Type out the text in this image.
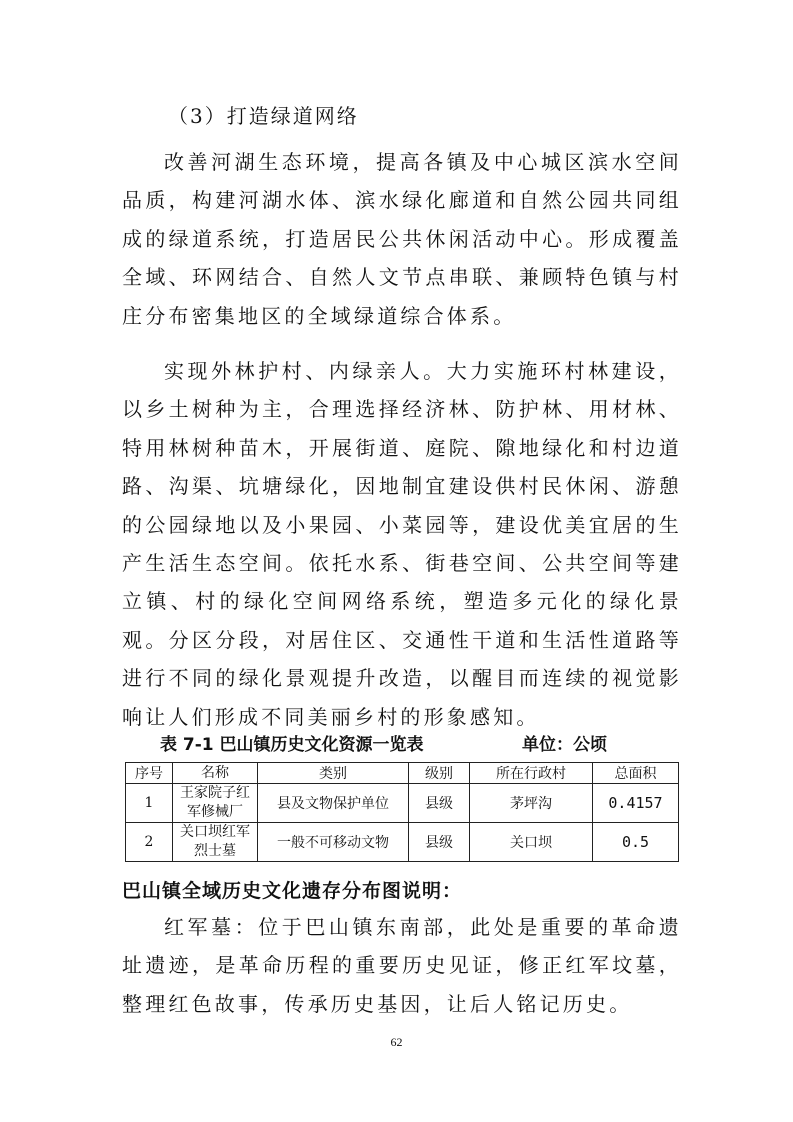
（3）打造绿道网络

改善河湖生态环境，提高各镇及中心城区滨水空间品质，构建河湖水体、滨水绿化廊道和自然公园共同组成的绿道系统，打造居民公共休闲活动中心。形成覆盖全域、环网结合、自然人文节点串联、兼顾特色镇与村庄分布密集地区的全域绿道综合体系。

实现外林护村、内绿亲人。大力实施环村林建设，以乡土树种为主，合理选择经济林、防护林、用材林、特用林树种苗木，开展街道、庭院、隙地绿化和村边道路、沟渠、坑塘绿化，因地制宜建设供村民休闲、游憩的公园绿地以及小果园、小菜园等，建设优美宜居的生产生活生态空间。依托水系、街巷空间、公共空间等建立镇、村的绿化空间网络系统，塑造多元化的绿化景观。分区分段，对居住区、交通性干道和生活性道路等进行不同的绿化景观提升改造，以醒目而连续的视觉影响让人们形成不同美丽乡村的形象感知。

表 7-1 巴山镇历史文化资源一览表	单位：公顷
序号	名称	类别	级别	所在行政村	总面积
1	王家院子红军修械厂	县及文物保护单位	县级	茅坪沟	0.4157
2	关口坝红军烈士墓	一般不可移动文物	县级	关口坝	0.5
巴山镇全域历史文化遗存分布图说明：

红军墓：位于巴山镇东南部，此处是重要的革命遗址遗迹，是革命历程的重要历史见证，修正红军坟墓，整理红色故事，传承历史基因，让后人铭记历史。

62
